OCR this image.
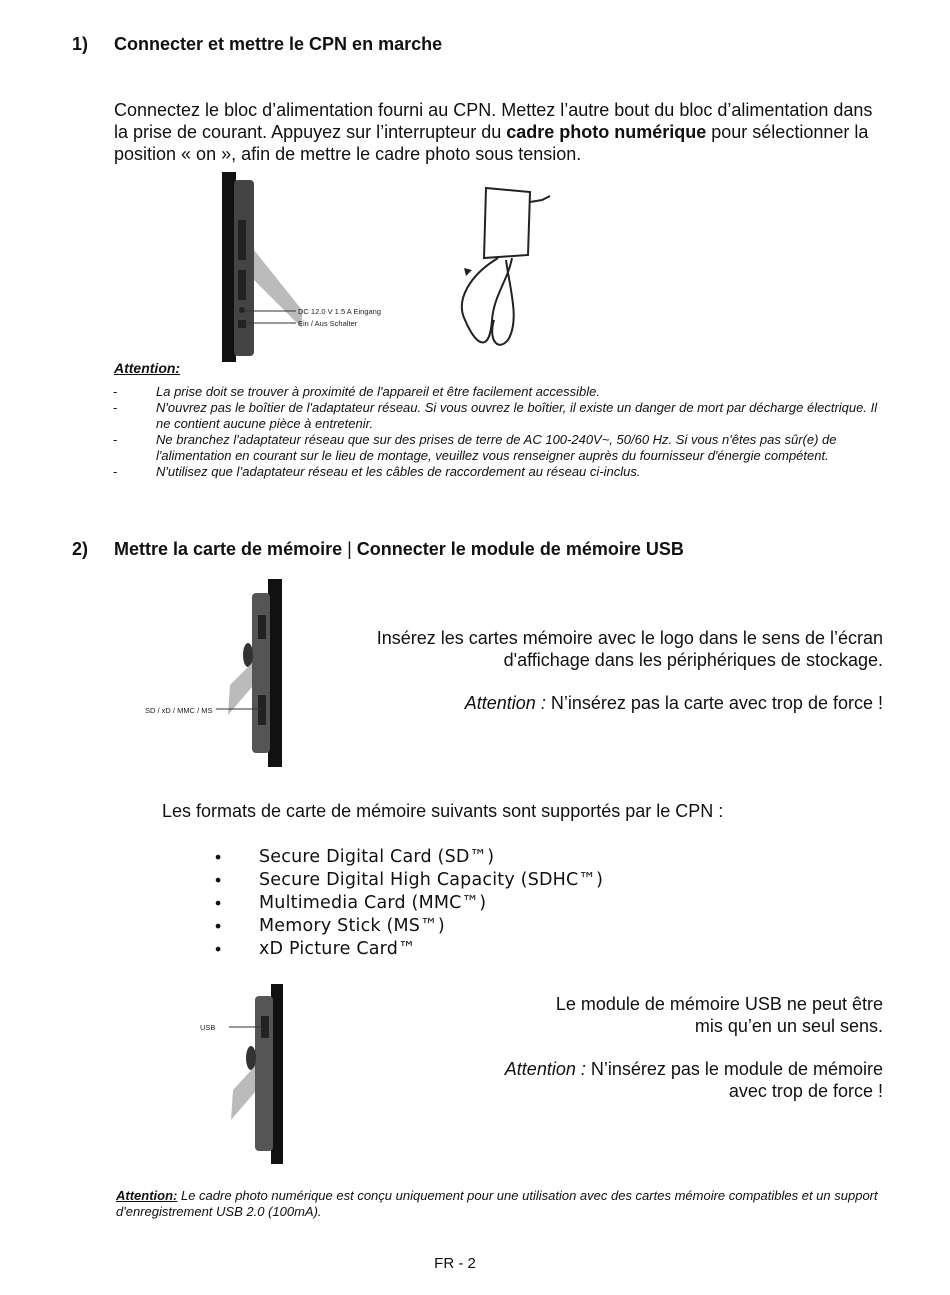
1) Connecter et mettre le CPN en marche
Connectez le bloc d’alimentation fourni au CPN. Mettez l’autre bout du bloc d’alimentation dans la prise de courant. Appuyez sur l’interrupteur du cadre photo numérique pour sélectionner la position « on », afin de mettre le cadre photo sous tension.
DC 12.0 V 1.5 A Eingang
Ein / Aus Schalter
Attention:
-	La prise doit se trouver à proximité de l'appareil et être facilement accessible.
-	N'ouvrez pas le boîtier de l'adaptateur réseau. Si vous ouvrez le boîtier, il existe un danger de mort par décharge électrique. Il ne contient aucune pièce à entretenir.
-	Ne branchez l'adaptateur réseau que sur des prises de terre de AC 100-240V~, 50/60 Hz. Si vous n'êtes pas sûr(e) de l'alimentation en courant sur le lieu de montage, veuillez vous renseigner auprès du fournisseur d'énergie compétent.
-	N'utilisez que l’adaptateur réseau et les câbles de raccordement au réseau ci-inclus.
2) Mettre la carte de mémoire | Connecter le module de mémoire USB
SD / xD / MMC / MS
Insérez les cartes mémoire avec le logo dans le sens de l’écran
d'affichage dans les périphériques de stockage.
Attention : N’insérez pas la carte avec trop de force !
Les formats de carte de mémoire suivants sont supportés par le CPN :
• Secure Digital Card (SD™)
• Secure Digital High Capacity (SDHC™)
• Multimedia Card (MMC™)
• Memory Stick (MS™)
• xD Picture Card™
USB
Le module de mémoire USB ne peut être
mis qu’en un seul sens.
Attention : N’insérez pas le module de mémoire
avec trop de force !
Attention: Le cadre photo numérique est conçu uniquement pour une utilisation avec des cartes mémoire compatibles et un support d'enregistrement USB 2.0 (100mA).
FR - 2
